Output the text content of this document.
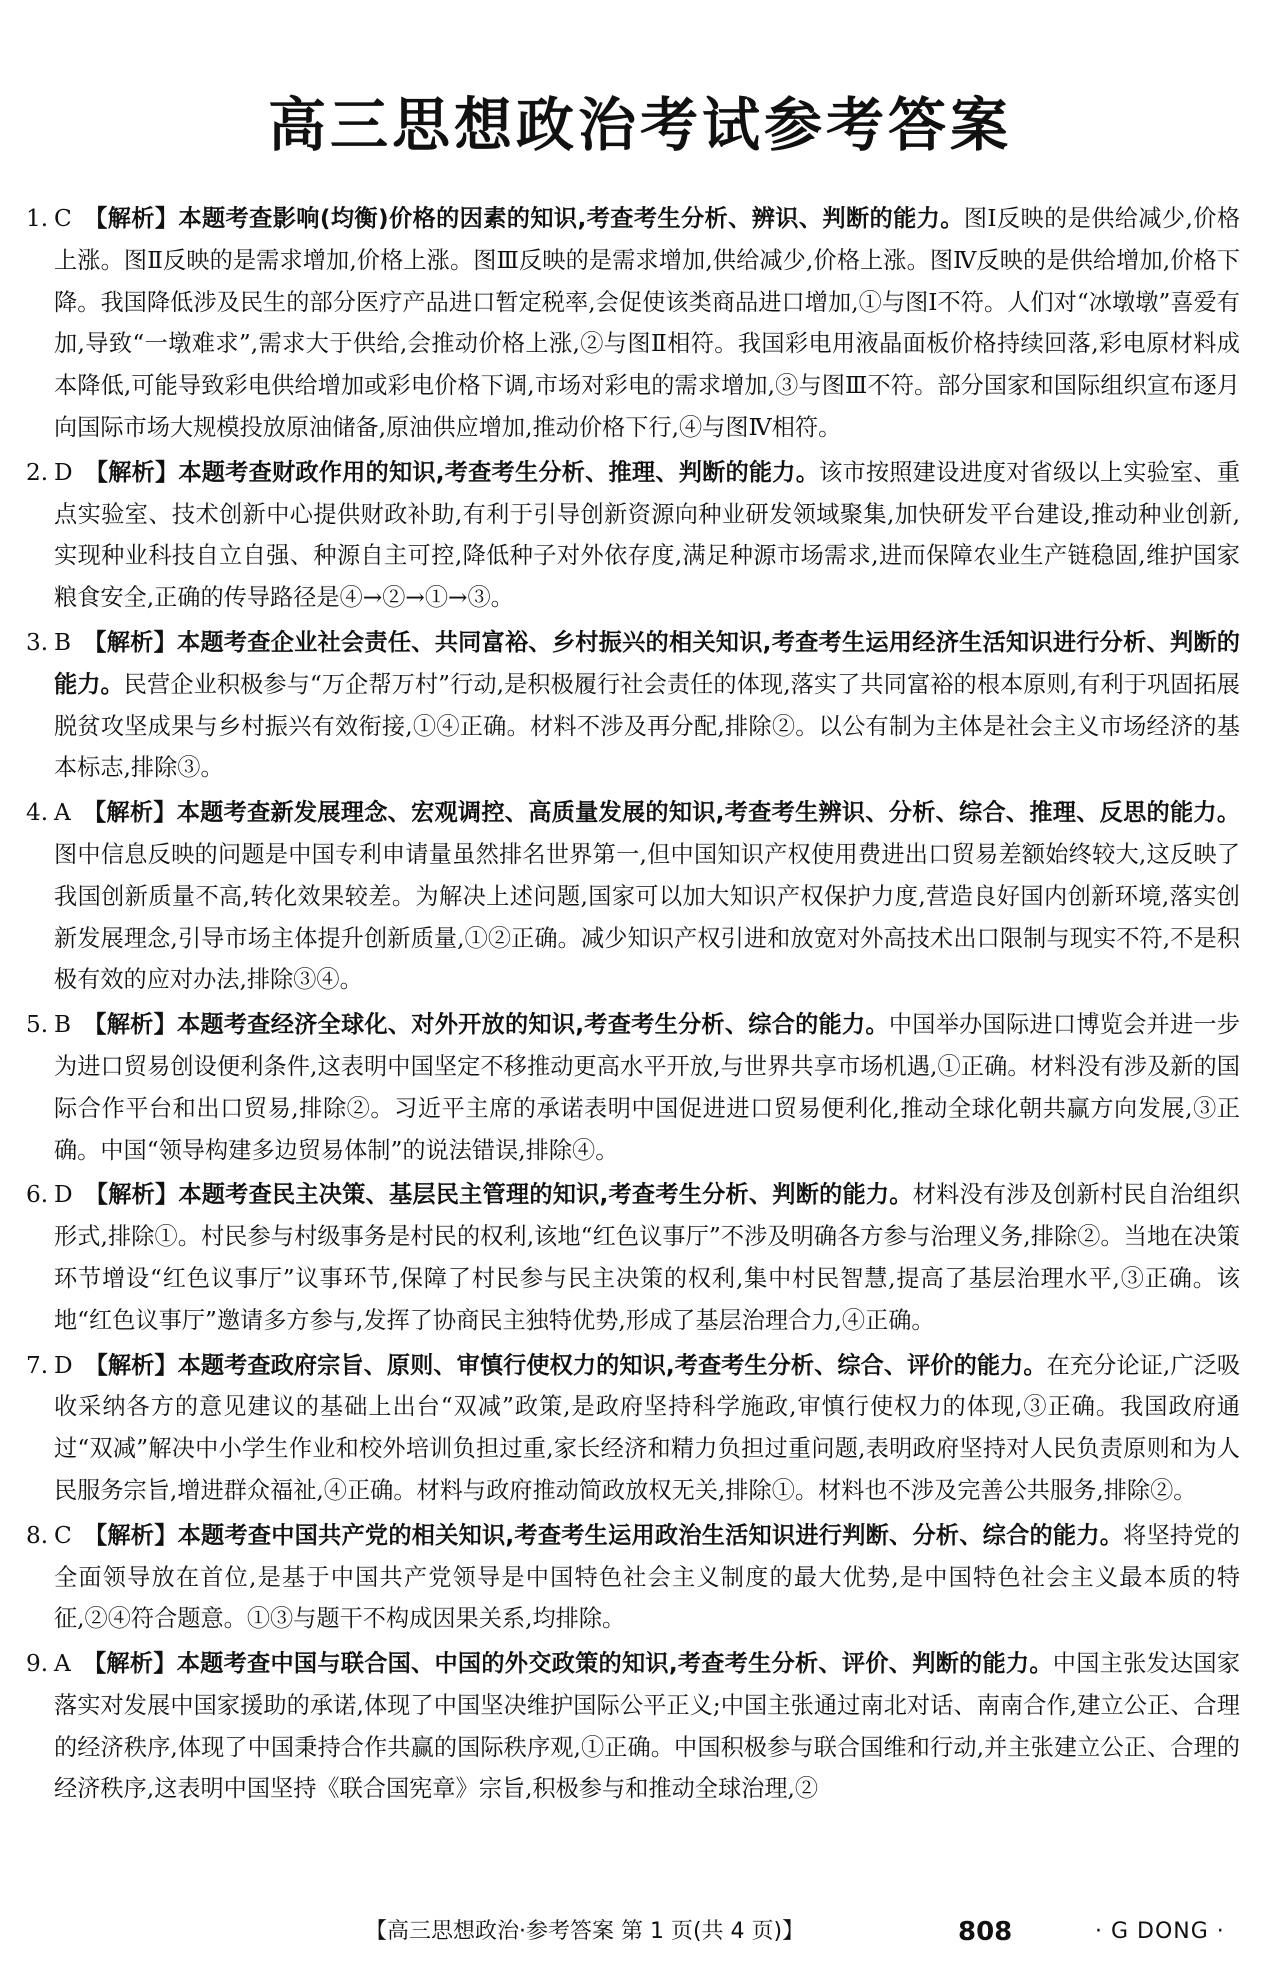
高三思想政治考试参考答案

1. C 【解析】本题考查影响(均衡)价格的因素的知识,考查考生分析、辨识、判断的能力。图Ⅰ反映的是供给减少,价格上涨。图Ⅱ反映的是需求增加,价格上涨。图Ⅲ反映的是需求增加,供给减少,价格上涨。图Ⅳ反映的是供给增加,价格下降。我国降低涉及民生的部分医疗产品进口暂定税率,会促使该类商品进口增加,①与图Ⅰ不符。人们对“冰墩墩”喜爱有加,导致“一墩难求”,需求大于供给,会推动价格上涨,②与图Ⅱ相符。我国彩电用液晶面板价格持续回落,彩电原材料成本降低,可能导致彩电供给增加或彩电价格下调,市场对彩电的需求增加,③与图Ⅲ不符。部分国家和国际组织宣布逐月向国际市场大规模投放原油储备,原油供应增加,推动价格下行,④与图Ⅳ相符。

2. D 【解析】本题考查财政作用的知识,考查考生分析、推理、判断的能力。该市按照建设进度对省级以上实验室、重点实验室、技术创新中心提供财政补助,有利于引导创新资源向种业研发领域聚集,加快研发平台建设,推动种业创新,实现种业科技自立自强、种源自主可控,降低种子对外依存度,满足种源市场需求,进而保障农业生产链稳固,维护国家粮食安全,正确的传导路径是④→②→①→③。

3. B 【解析】本题考查企业社会责任、共同富裕、乡村振兴的相关知识,考查考生运用经济生活知识进行分析、判断的能力。民营企业积极参与“万企帮万村”行动,是积极履行社会责任的体现,落实了共同富裕的根本原则,有利于巩固拓展脱贫攻坚成果与乡村振兴有效衔接,①④正确。材料不涉及再分配,排除②。以公有制为主体是社会主义市场经济的基本标志,排除③。

4. A 【解析】本题考查新发展理念、宏观调控、高质量发展的知识,考查考生辨识、分析、综合、推理、反思的能力。图中信息反映的问题是中国专利申请量虽然排名世界第一,但中国知识产权使用费进出口贸易差额始终较大,这反映了我国创新质量不高,转化效果较差。为解决上述问题,国家可以加大知识产权保护力度,营造良好国内创新环境,落实创新发展理念,引导市场主体提升创新质量,①②正确。减少知识产权引进和放宽对外高技术出口限制与现实不符,不是积极有效的应对办法,排除③④。

5. B 【解析】本题考查经济全球化、对外开放的知识,考查考生分析、综合的能力。中国举办国际进口博览会并进一步为进口贸易创设便利条件,这表明中国坚定不移推动更高水平开放,与世界共享市场机遇,①正确。材料没有涉及新的国际合作平台和出口贸易,排除②。习近平主席的承诺表明中国促进进口贸易便利化,推动全球化朝共赢方向发展,③正确。中国“领导构建多边贸易体制”的说法错误,排除④。

6. D 【解析】本题考查民主决策、基层民主管理的知识,考查考生分析、判断的能力。材料没有涉及创新村民自治组织形式,排除①。村民参与村级事务是村民的权利,该地“红色议事厅”不涉及明确各方参与治理义务,排除②。当地在决策环节增设“红色议事厅”议事环节,保障了村民参与民主决策的权利,集中村民智慧,提高了基层治理水平,③正确。该地“红色议事厅”邀请多方参与,发挥了协商民主独特优势,形成了基层治理合力,④正确。

7. D 【解析】本题考查政府宗旨、原则、审慎行使权力的知识,考查考生分析、综合、评价的能力。在充分论证,广泛吸收采纳各方的意见建议的基础上出台“双减”政策,是政府坚持科学施政,审慎行使权力的体现,③正确。我国政府通过“双减”解决中小学生作业和校外培训负担过重,家长经济和精力负担过重问题,表明政府坚持对人民负责原则和为人民服务宗旨,增进群众福祉,④正确。材料与政府推动简政放权无关,排除①。材料也不涉及完善公共服务,排除②。

8. C 【解析】本题考查中国共产党的相关知识,考查考生运用政治生活知识进行判断、分析、综合的能力。将坚持党的全面领导放在首位,是基于中国共产党领导是中国特色社会主义制度的最大优势,是中国特色社会主义最本质的特征,②④符合题意。①③与题干不构成因果关系,均排除。

9. A 【解析】本题考查中国与联合国、中国的外交政策的知识,考查考生分析、评价、判断的能力。中国主张发达国家落实对发展中国家援助的承诺,体现了中国坚决维护国际公平正义;中国主张通过南北对话、南南合作,建立公正、合理的经济秩序,体现了中国秉持合作共赢的国际秩序观,①正确。中国积极参与联合国维和行动,并主张建立公正、合理的经济秩序,这表明中国坚持《联合国宪章》宗旨,积极参与和推动全球治理,②

【高三思想政治·参考答案 第 1 页(共 4 页)】	808	· G DONG ·
